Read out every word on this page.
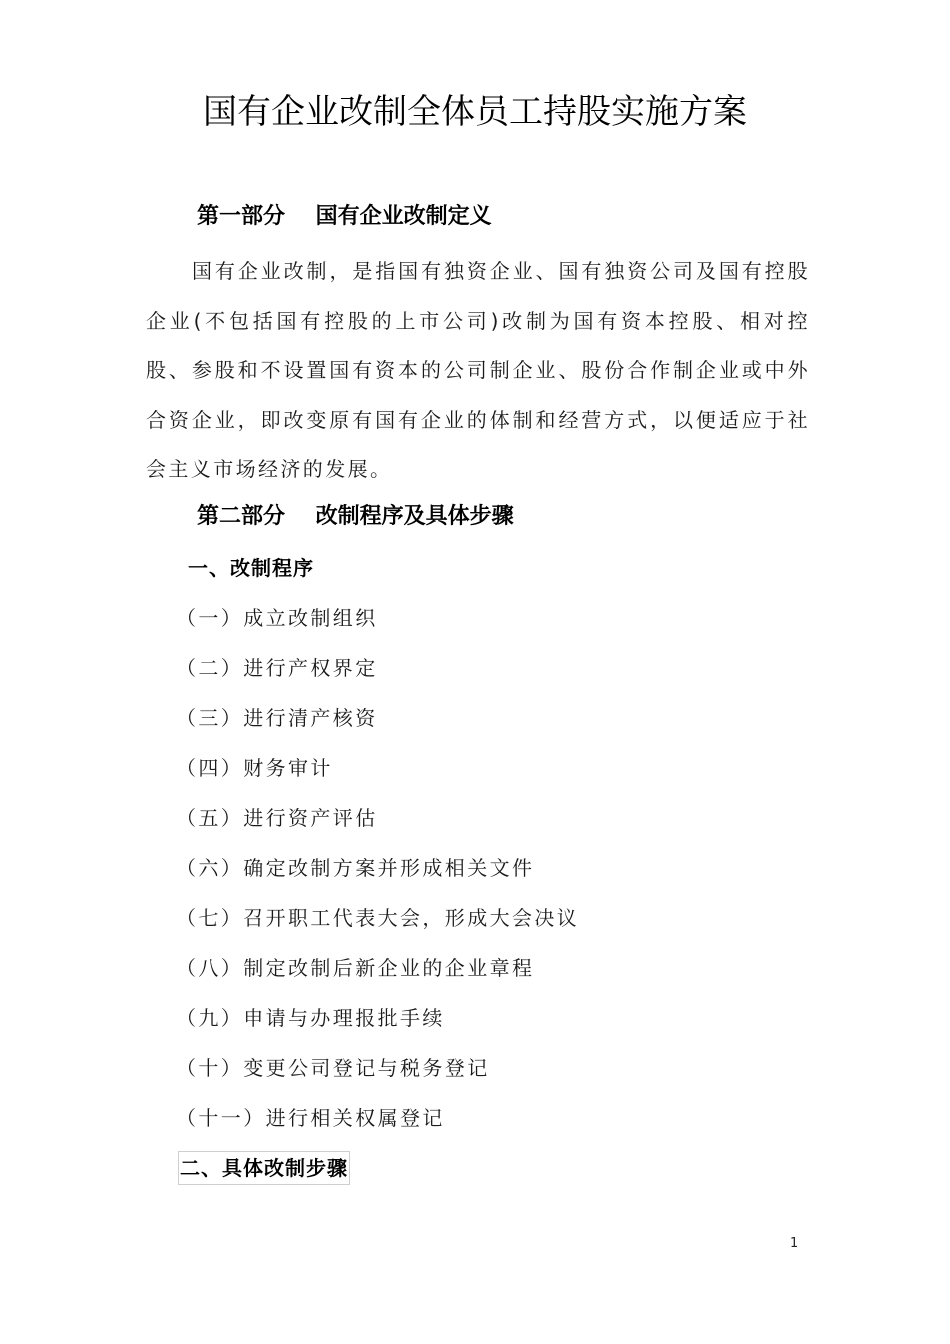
国有企业改制全体员工持股实施方案
第一部分    国有企业改制定义

国有企业改制，是指国有独资企业、国有独资公司及国有控股企业(不包括国有控股的上市公司)改制为国有资本控股、相对控股、参股和不设置国有资本的公司制企业、股份合作制企业或中外合资企业，即改变原有国有企业的体制和经营方式，以便适应于社会主义市场经济的发展。

第二部分    改制程序及具体步骤
一、改制程序
（一）成立改制组织
（二）进行产权界定
（三）进行清产核资
（四）财务审计
（五）进行资产评估
（六）确定改制方案并形成相关文件
（七）召开职工代表大会，形成大会决议
（八）制定改制后新企业的企业章程
（九）申请与办理报批手续
（十）变更公司登记与税务登记
（十一）进行相关权属登记
二、具体改制步骤
1
